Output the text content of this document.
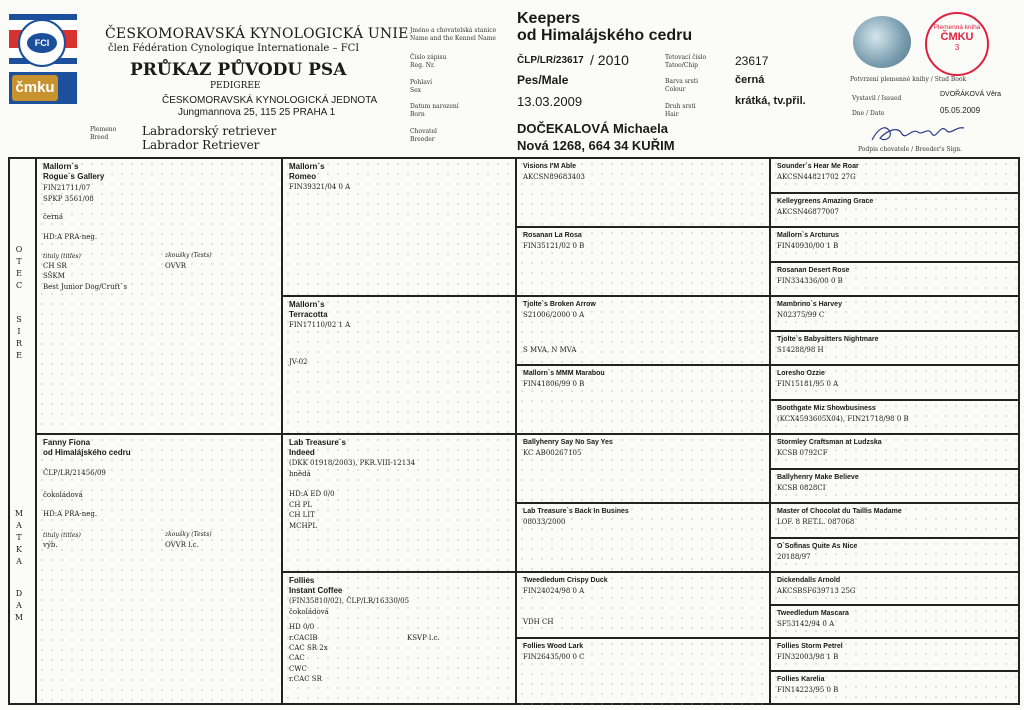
FCI
čmku
ČESKOMORAVSKÁ KYNOLOGICKÁ UNIE
člen Fédération Cynologique Internationale – FCI
PRŮKAZ PŮVODU PSA
PEDIGREE
ČESKOMORAVSKÁ KYNOLOGICKÁ JEDNOTA
Jungmannova 25, 115 25 PRAHA 1
Plemeno
Breed	Labradorský retriever
Labrador Retriever
Jméno a chovatelská stanice
Name and the Kennel Name
Číslo zápisu
Reg. Nr.
Pohlaví
Sex
Datum narození
Born
Chovatel
Breeder
Keepers
od Himalájského cedru
ČLP/LR/23617 / 2010	Tetovací číslo
Tatoo/Chip	23617
Pes/Male	Barva srsti
Colour
černá
13.03.2009	Druh srsti
Hair
krátká, tv.přil.
DOČEKALOVÁ Michaela
Nová 1268, 664 34 KUŘIM
Plemenná kniha
ČMKU
3
Potvrzení plemenné knihy / Stud Book
Vystavil / Issued
DVOŘÁKOVÁ Věra
Dne / Date	05.05.2009
Podpis chovatele / Breeder's Sign.
O
T
E
C
S
I
R
E
M
A
T
K
A
D
A
M
Mallorn`s
Rogue`s Gallery
FIN21711/07
SPKP 3561/08
černá
HD:A PRA-neg.
tituly (titles)	zkoušky (Tests)
CH SR	OVVR
SŠKM
Best Junior Dog/Cruft`s
Fanny Fiona
od Himalájského cedru
ČLP/LR/21456/09
čokoládová
HD:A PRA-neg.
tituly (titles)	zkoušky (Tests)
výb.	OVVR l.c.
Mallorn`s
Romeo
FIN39321/04 0 A
Mallorn`s
Terracotta
FIN17110/02 1 A
JV-02
Lab Treasure`s
Indeed
(DKK 01918/2003), PKR.VIII-12134
hnědá
HD:A ED 0/0
CH PL
CH LIT
MCHPL
Follies
Instant Coffee
(FIN35810/02), ČLP/LR/16330/05
čokoládová
HD 0/0
r.CACIB	KSVP l.c.
CAC SR 2x
CAC
CWC
r.CAC SR
Visions I'M Able
AKCSN89683403
Rosanan La Rosa
FIN35121/02 0 B
Tjolte`s Broken Arrow
S21006/2000 0 A
S MVA, N MVA
Mallorn`s MMM Marabou
FIN41806/99 0 B
Ballyhenry Say No Say Yes
KC AB00267105
Lab Treasure`s Back In Busines
08033/2000
Tweedledum Crispy Duck
FIN24024/98 0 A
VDH CH
Follies Wood Lark
FIN26435/00 0 C
Sounder`s Hear Me Roar
AKCSN44821702 27G
Kelleygreens Amazing Grace
AKCSN46877007
Mallorn`s Arcturus
FIN40930/00 1 B
Rosanan Desert Rose
FIN334336/00 0 B
Mambrino`s Harvey
N02375/99 C
Tjolte`s Babysitters Nightmare
S14288/98 H
Loresho Ozzie
FIN15181/95 0 A
Boothgate Miz Showbusiness
(KCX4593605X04), FIN21718/98 0 B
Stormley Craftsman at Ludzska
KCSB 0792CF
Ballyhenry Make Believe
KCSB 0828CI
Master of Chocolat du Taillis Madame
LOF. 8 RET.L. 087068
O`Sofinas Quite As Nice
20188/97
Dickendalls Arnold
AKCSBSF639713 25G
Tweedledum Mascara
SF53142/94 0 A
Follies Storm Petrel
FIN32003/98 1 B
Follies Karelia
FIN14223/95 0 B
